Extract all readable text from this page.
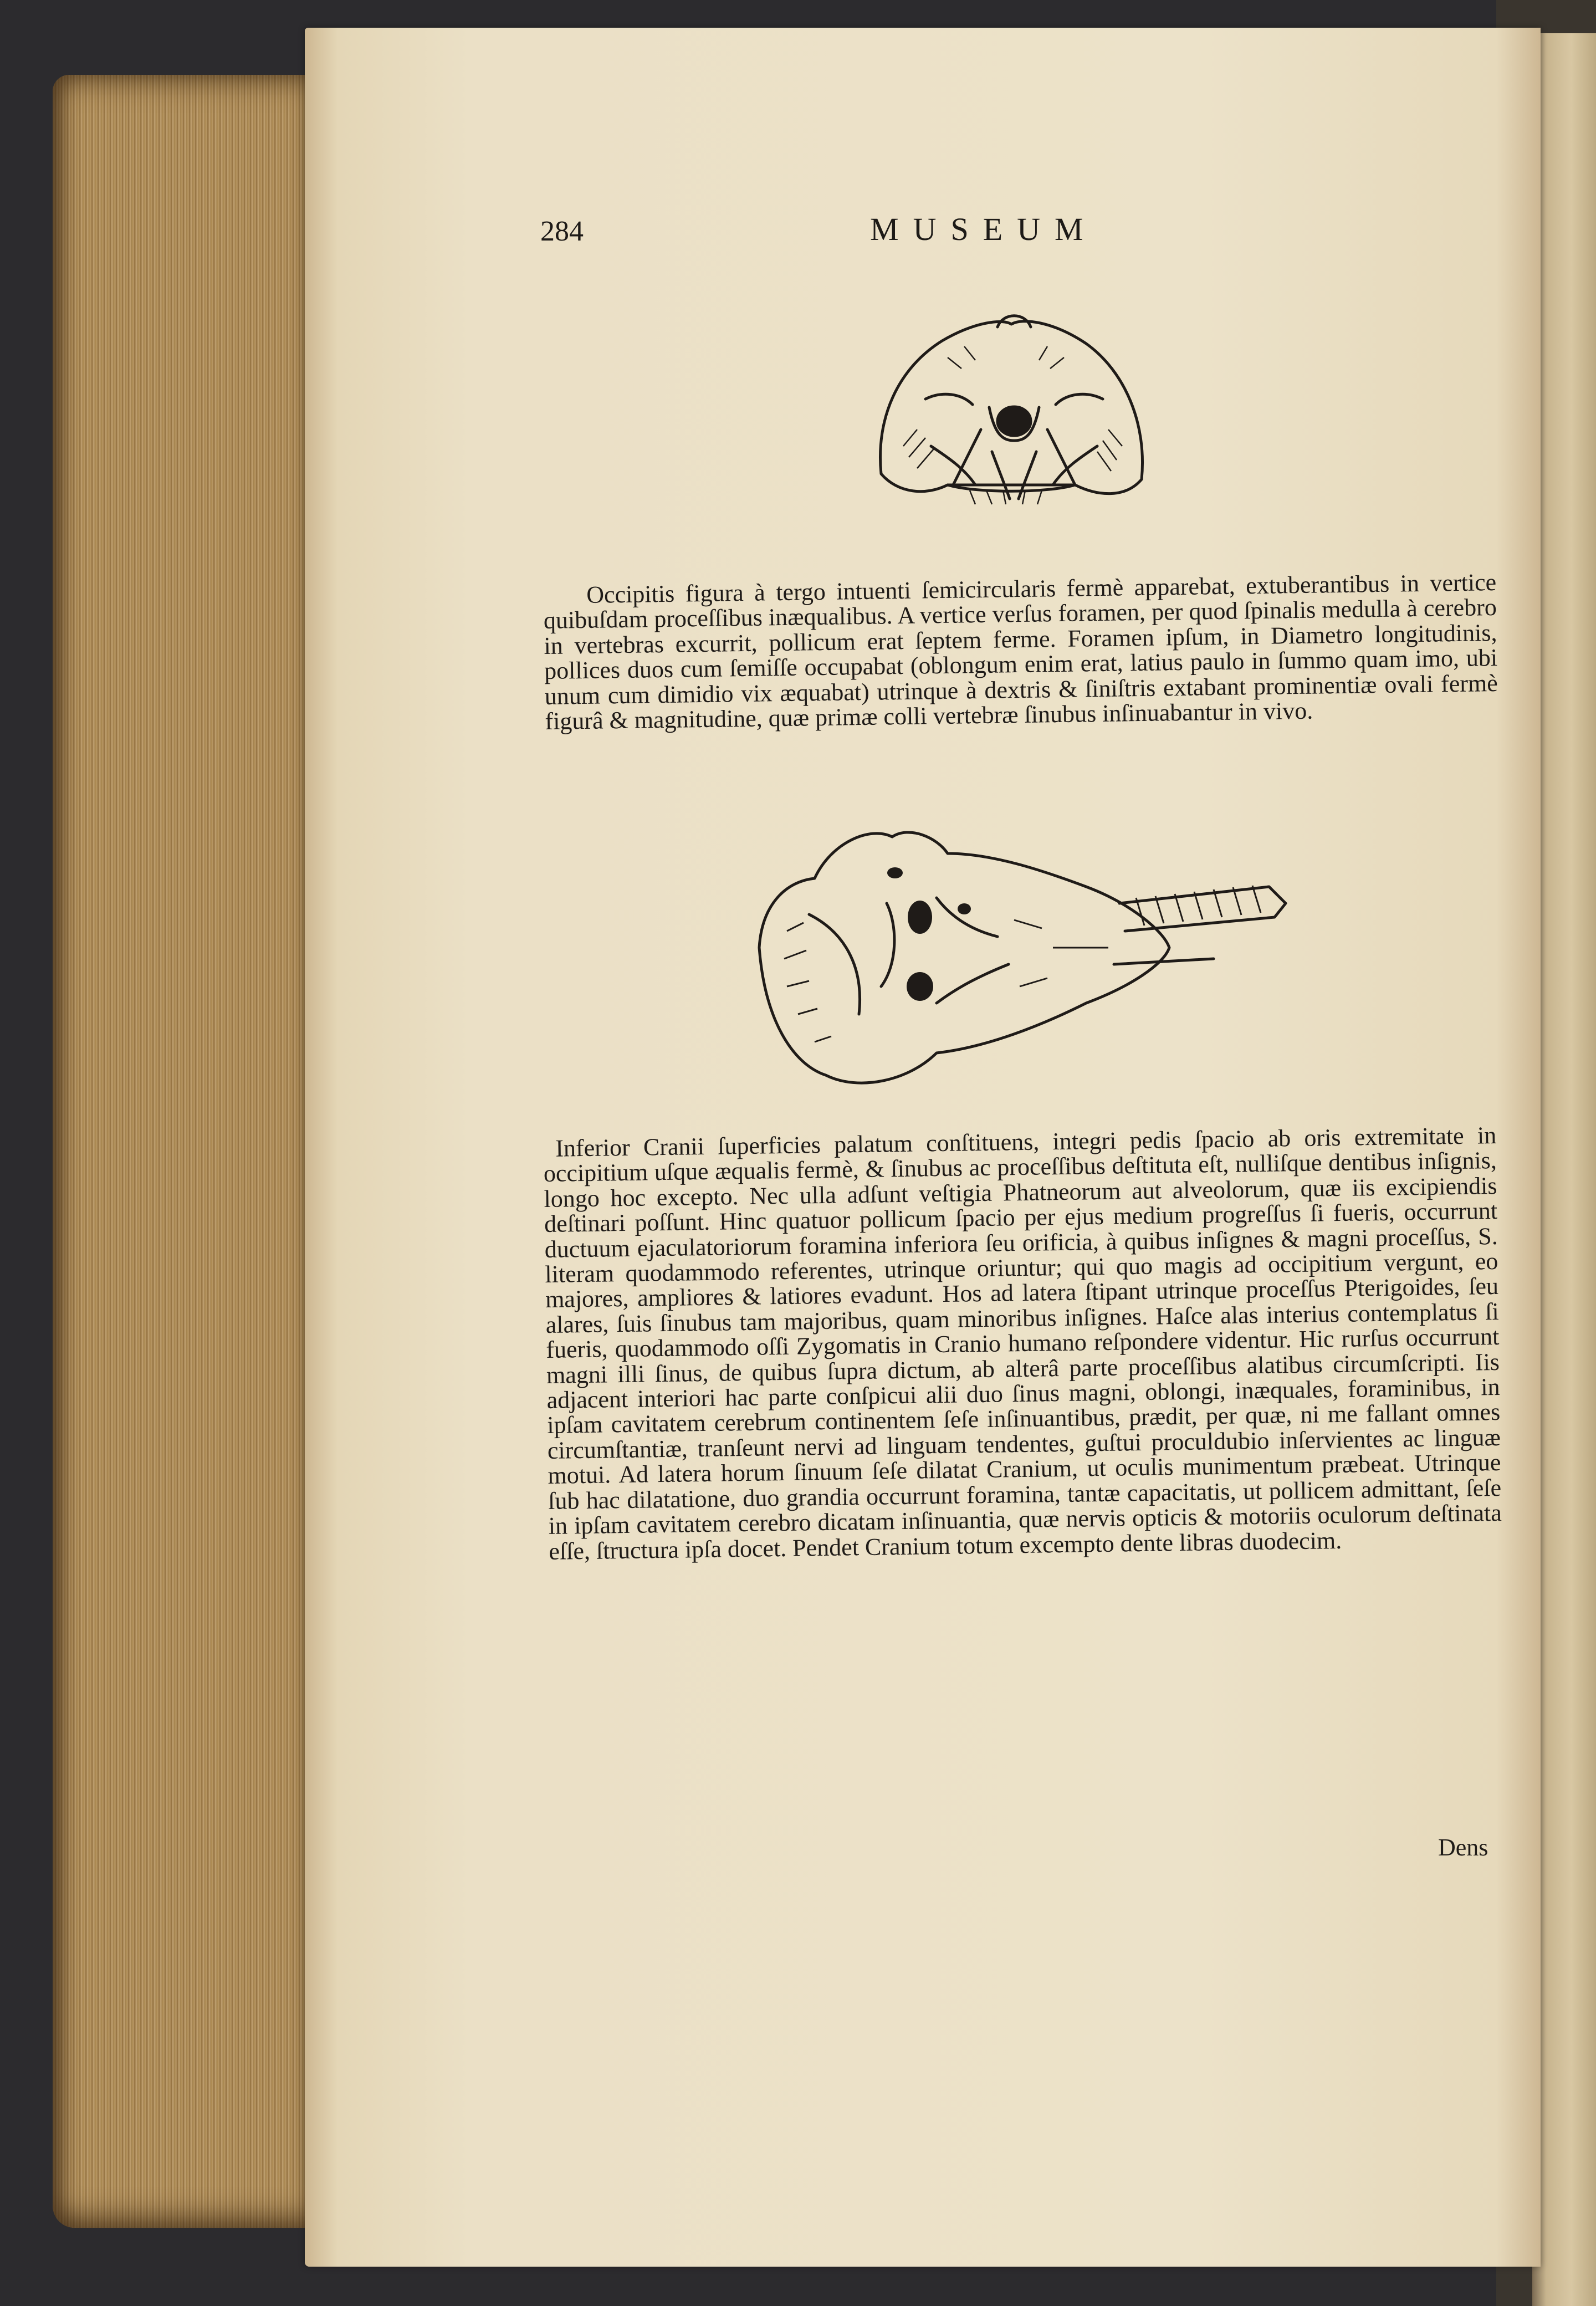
284	MUSEUM

Occipitis figura à tergo intuenti ſemicircularis fermè apparebat, extuberantibus in vertice quibuſdam proceſſibus inæqualibus. A vertice verſus foramen, per quod ſpinalis medulla à cerebro in vertebras excurrit, pollicum erat ſeptem ferme. Foramen ipſum, in Diametro longitudinis, pollices duos cum ſemiſſe occupabat (oblongum enim erat, latius paulo in ſummo quam imo, ubi unum cum dimidio vix æquabat) utrinque à dextris & ſiniſtris extabant prominentiæ ovali fermè figurâ & magnitudine, quæ primæ colli vertebræ ſinubus inſinuabantur in vivo.

Inferior Cranii ſuperficies palatum conſtituens, integri pedis ſpacio ab oris extremitate in occipitium uſque æqualis fermè, & ſinubus ac proceſſibus deſtituta eſt, nulliſque dentibus inſignis, longo hoc excepto. Nec ulla adſunt veſtigia Phatneorum aut alveolorum, quæ iis excipiendis deſtinari poſſunt. Hinc quatuor pollicum ſpacio per ejus medium progreſſus ſi fueris, occurrunt ductuum ejaculatoriorum foramina inferiora ſeu orificia, à quibus inſignes & magni proceſſus, S. literam quodammodo referentes, utrinque oriuntur; qui quo magis ad occipitium vergunt, eo majores, ampliores & latiores evadunt. Hos ad latera ſtipant utrinque proceſſus Pterigoides, ſeu alares, ſuis ſinubus tam majoribus, quam minoribus inſignes. Haſce alas interius contemplatus ſi fueris, quodammodo oſſi Zygomatis in Cranio humano reſpondere videntur. Hic rurſus occurrunt magni illi ſinus, de quibus ſupra dictum, ab alterâ parte proceſſibus alatibus circumſcripti. Iis adjacent interiori hac parte conſpicui alii duo ſinus magni, oblongi, inæquales, foraminibus, in ipſam cavitatem cerebrum continentem ſeſe inſinuantibus, prædit, per quæ, ni me fallant omnes circumſtantiæ, tranſeunt nervi ad linguam tendentes, guſtui proculdubio inſervientes ac linguæ motui. Ad latera horum ſinuum ſeſe dilatat Cranium, ut oculis munimentum præbeat. Utrinque ſub hac dilatatione, duo grandia occurrunt foramina, tantæ capacitatis, ut pollicem admittant, ſeſe in ipſam cavitatem cerebro dicatam inſinuantia, quæ nervis opticis & motoriis oculorum deſtinata eſſe, ſtructura ipſa docet. Pendet Cranium totum excempto dente libras duodecim.

Dens
